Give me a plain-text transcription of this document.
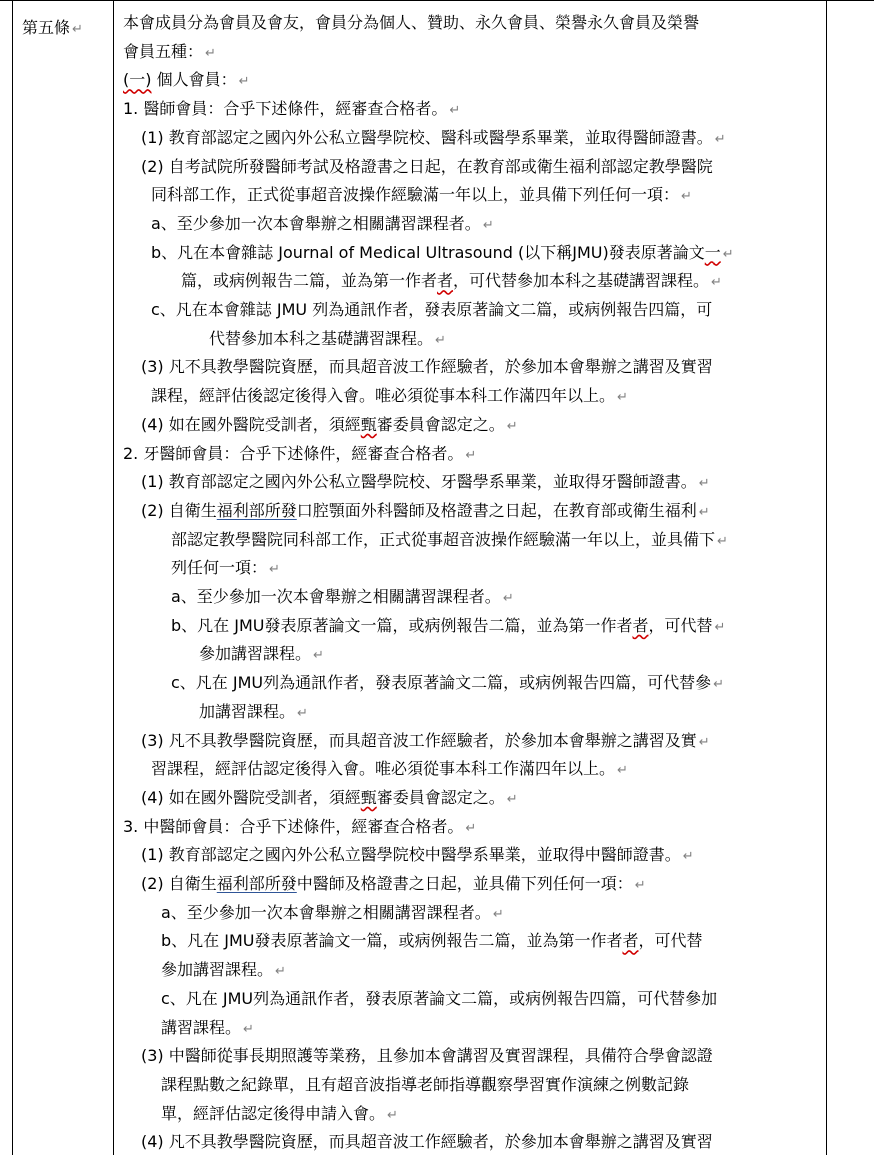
第五條 ↵	本會成員分為會員及會友，會員分為個人、贊助、永久會員、榮譽永久會員及榮譽
會員五種： ↵
(一) 個人會員： ↵
1. 醫師會員：合乎下述條件，經審查合格者。 ↵
(1) 教育部認定之國內外公私立醫學院校、醫科或醫學系畢業，並取得醫師證書。 ↵
(2) 自考試院所發醫師考試及格證書之日起，在教育部或衛生福利部認定教學醫院
同科部工作，正式從事超音波操作經驗滿一年以上，並具備下列任何一項： ↵
a、至少參加一次本會舉辦之相關講習課程者。 ↵
b、凡在本會雜誌 Journal of Medical Ultrasound (以下稱JMU)發表原著論文一 ↵
篇，或病例報告二篇，並為第一作者者，可代替參加本科之基礎講習課程。 ↵
c、凡在本會雜誌 JMU 列為通訊作者，發表原著論文二篇，或病例報告四篇，可
代替參加本科之基礎講習課程。 ↵
(3) 凡不具教學醫院資歷，而具超音波工作經驗者，於參加本會舉辦之講習及實習
課程，經評估後認定後得入會。唯必須從事本科工作滿四年以上。 ↵
(4) 如在國外醫院受訓者，須經甄審委員會認定之。 ↵
2. 牙醫師會員：合乎下述條件，經審查合格者。 ↵
(1) 教育部認定之國內外公私立醫學院校、牙醫學系畢業，並取得牙醫師證書。 ↵
(2) 自衛生福利部所發口腔顎面外科醫師及格證書之日起，在教育部或衛生福利 ↵
部認定教學醫院同科部工作，正式從事超音波操作經驗滿一年以上，並具備下 ↵
列任何一項： ↵
a、至少參加一次本會舉辦之相關講習課程者。 ↵
b、凡在 JMU發表原著論文一篇，或病例報告二篇，並為第一作者者，可代替 ↵
參加講習課程。 ↵
c、凡在 JMU列為通訊作者，發表原著論文二篇，或病例報告四篇，可代替參 ↵
加講習課程。 ↵
(3) 凡不具教學醫院資歷，而具超音波工作經驗者，於參加本會舉辦之講習及實 ↵
習課程，經評估認定後得入會。唯必須從事本科工作滿四年以上。 ↵
(4) 如在國外醫院受訓者，須經甄審委員會認定之。 ↵
3. 中醫師會員：合乎下述條件，經審查合格者。 ↵
(1) 教育部認定之國內外公私立醫學院校中醫學系畢業，並取得中醫師證書。 ↵
(2) 自衛生福利部所發中醫師及格證書之日起，並具備下列任何一項： ↵
a、至少參加一次本會舉辦之相關講習課程者。 ↵
b、凡在 JMU發表原著論文一篇，或病例報告二篇，並為第一作者者，可代替
參加講習課程。 ↵
c、凡在 JMU列為通訊作者，發表原著論文二篇，或病例報告四篇，可代替參加
講習課程。 ↵
(3) 中醫師從事長期照護等業務，且參加本會講習及實習課程，具備符合學會認證
課程點數之紀錄單，且有超音波指導老師指導觀察學習實作演練之例數記錄
單，經評估認定後得申請入會。 ↵
(4) 凡不具教學醫院資歷，而具超音波工作經驗者，於參加本會舉辦之講習及實習
